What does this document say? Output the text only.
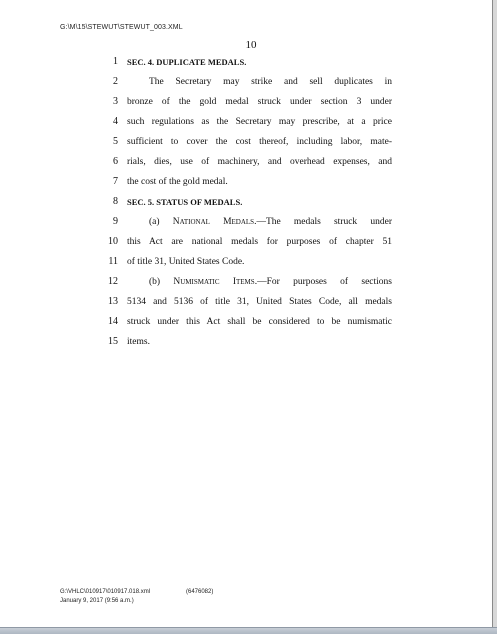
G:\M\15\STEWUT\STEWUT_003.XML
10
1 SEC. 4. DUPLICATE MEDALS.
2	The Secretary may strike and sell duplicates in
3 bronze of the gold medal struck under section 3 under
4 such regulations as the Secretary may prescribe, at a price
5 sufficient to cover the cost thereof, including labor, mate-
6 rials, dies, use of machinery, and overhead expenses, and
7 the cost of the gold medal.
8 SEC. 5. STATUS OF MEDALS.
9	(a) National Medals.—The medals struck under
10 this Act are national medals for purposes of chapter 51
11 of title 31, United States Code.
12	(b) Numismatic Items.—For purposes of sections
13 5134 and 5136 of title 31, United States Code, all medals
14 struck under this Act shall be considered to be numismatic
15 items.
G:\VHLC\010917\010917.018.xml	(6476082)
January 9, 2017 (9:56 a.m.)
